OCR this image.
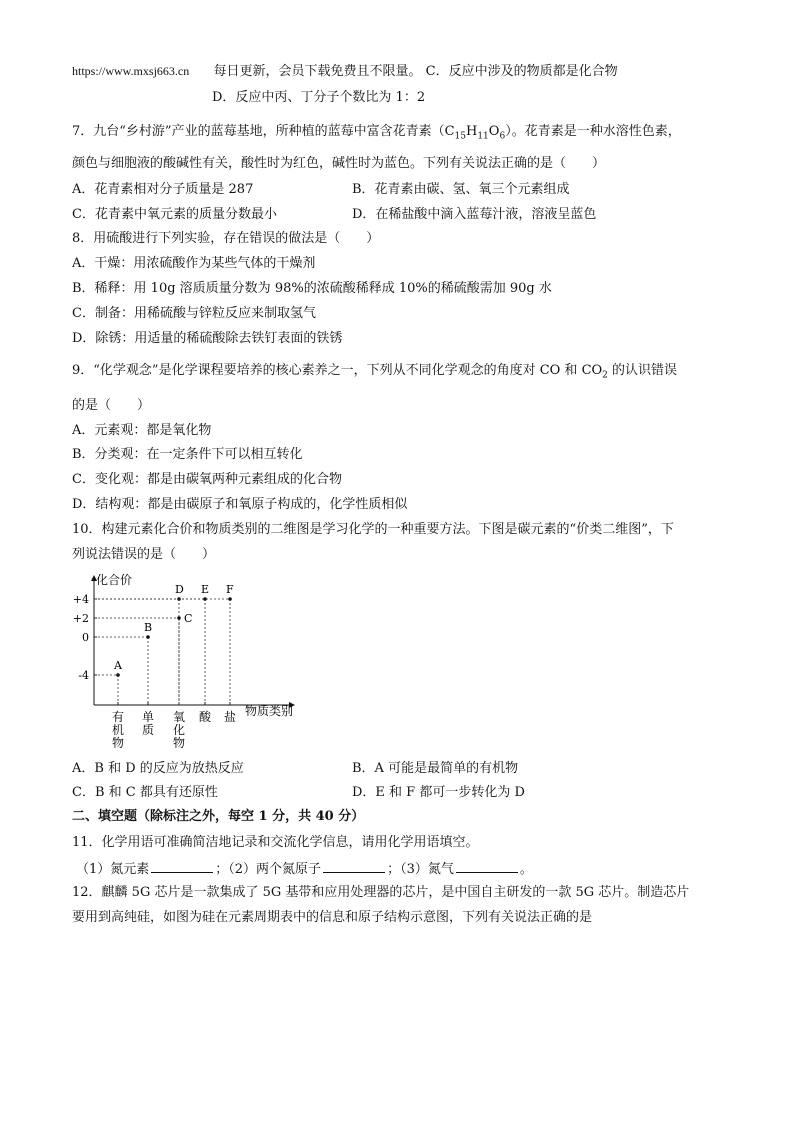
https://www.mxsj663.cn 每日更新，会员下载免费且不限量。 C．反应中涉及的物质都是化合物
D．反应中丙、丁分子个数比为 1：2
7．九台“乡村游”产业的蓝莓基地，所种植的蓝莓中富含花青素$(C_{15}H_{11}O_6)$。花青素是一种水溶性色素，
颜色与细胞液的酸碱性有关，酸性时为红色，碱性时为蓝色。下列有关说法正确的是（　　）
A．花青素相对分子质量是 287	B．花青素由碳、氢、氧三个元素组成
C．花青素中氧元素的质量分数最小	D．在稀盐酸中滴入蓝莓汁液，溶液呈蓝色
8．用硫酸进行下列实验，存在错误的做法是（　　）
A．干燥：用浓硫酸作为某些气体的干燥剂
B．稀释：用 10g 溶质质量分数为 98%的浓硫酸稀释成 10%的稀硫酸需加 90g 水
C．制备：用稀硫酸与锌粒反应来制取氢气
D．除锈：用适量的稀硫酸除去铁钉表面的铁锈
9．“化学观念”是化学课程要培养的核心素养之一，下列从不同化学观念的角度对 CO 和 $CO_2$ 的认识错误
的是（　　）
A．元素观：都是氧化物
B．分类观：在一定条件下可以相互转化
C．变化观：都是由碳氧两种元素组成的化合物
D．结构观：都是由碳原子和氧原子构成的，化学性质相似
10．构建元素化合价和物质类别的二维图是学习化学的一种重要方法。下图是碳元素的“价类二维图”，下
列说法错误的是（　　）
化合价
物质类别
+4
+2
0
-4
有机物
单质
氧化物
酸 盐
A
B
C
D E F
A．B 和 D 的反应为放热反应	B．A 可能是最简单的有机物
C．B 和 C 都具有还原性	D．E 和 F 都可一步转化为 D
二、填空题（除标注之外，每空 1 分，共 40 分）
11．化学用语可准确简洁地记录和交流化学信息，请用化学用语填空。
（1）氮元素	；（2）两个氮原子	；（3）氮气	。
12．麒麟 5G 芯片是一款集成了 5G 基带和应用处理器的芯片，是中国自主研发的一款 5G 芯片。制造芯片
要用到高纯硅，如图为硅在元素周期表中的信息和原子结构示意图，下列有关说法正确的是
